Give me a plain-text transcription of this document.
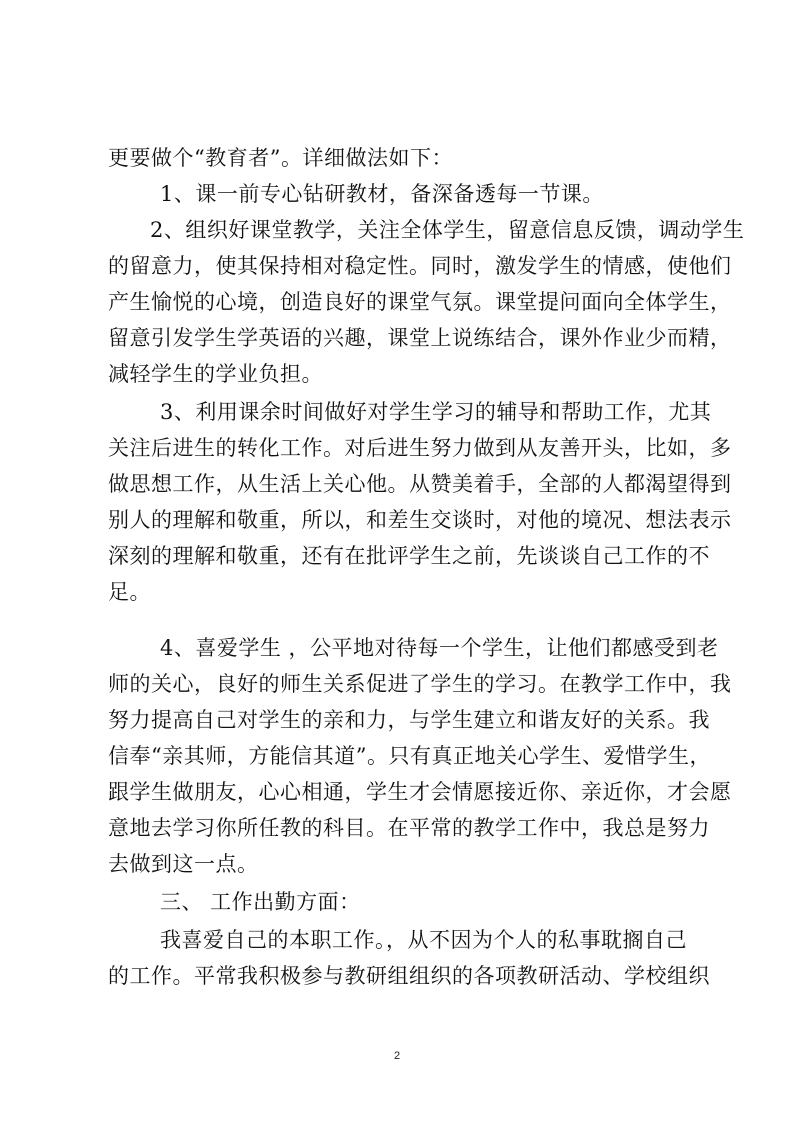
更要做个“教育者”。详细做法如下：
1、课一前专心钻研教材，备深备透每一节课。
2、组织好课堂教学，关注全体学生，留意信息反馈，调动学生
的留意力，使其保持相对稳定性。同时，激发学生的情感，使他们
产生愉悦的心境，创造良好的课堂气氛。课堂提问面向全体学生，
留意引发学生学英语的兴趣，课堂上说练结合，课外作业少而精，
减轻学生的学业负担。
3、利用课余时间做好对学生学习的辅导和帮助工作，尤其
关注后进生的转化工作。对后进生努力做到从友善开头，比如，多
做思想工作，从生活上关心他。从赞美着手，全部的人都渴望得到
别人的理解和敬重，所以，和差生交谈时，对他的境况、想法表示
深刻的理解和敬重，还有在批评学生之前，先谈谈自己工作的不
足。
4、喜爱学生 ，公平地对待每一个学生，让他们都感受到老
师的关心，良好的师生关系促进了学生的学习。在教学工作中，我
努力提高自己对学生的亲和力，与学生建立和谐友好的关系。我
信奉“亲其师，方能信其道”。只有真正地关心学生、爱惜学生，
跟学生做朋友，心心相通，学生才会情愿接近你、亲近你，才会愿
意地去学习你所任教的科目。在平常的教学工作中，我总是努力
去做到这一点。
三、 工作出勤方面：
我喜爱自己的本职工作。，从不因为个人的私事耽搁自己
的工作。平常我积极参与教研组组织的各项教研活动、学校组织
2
